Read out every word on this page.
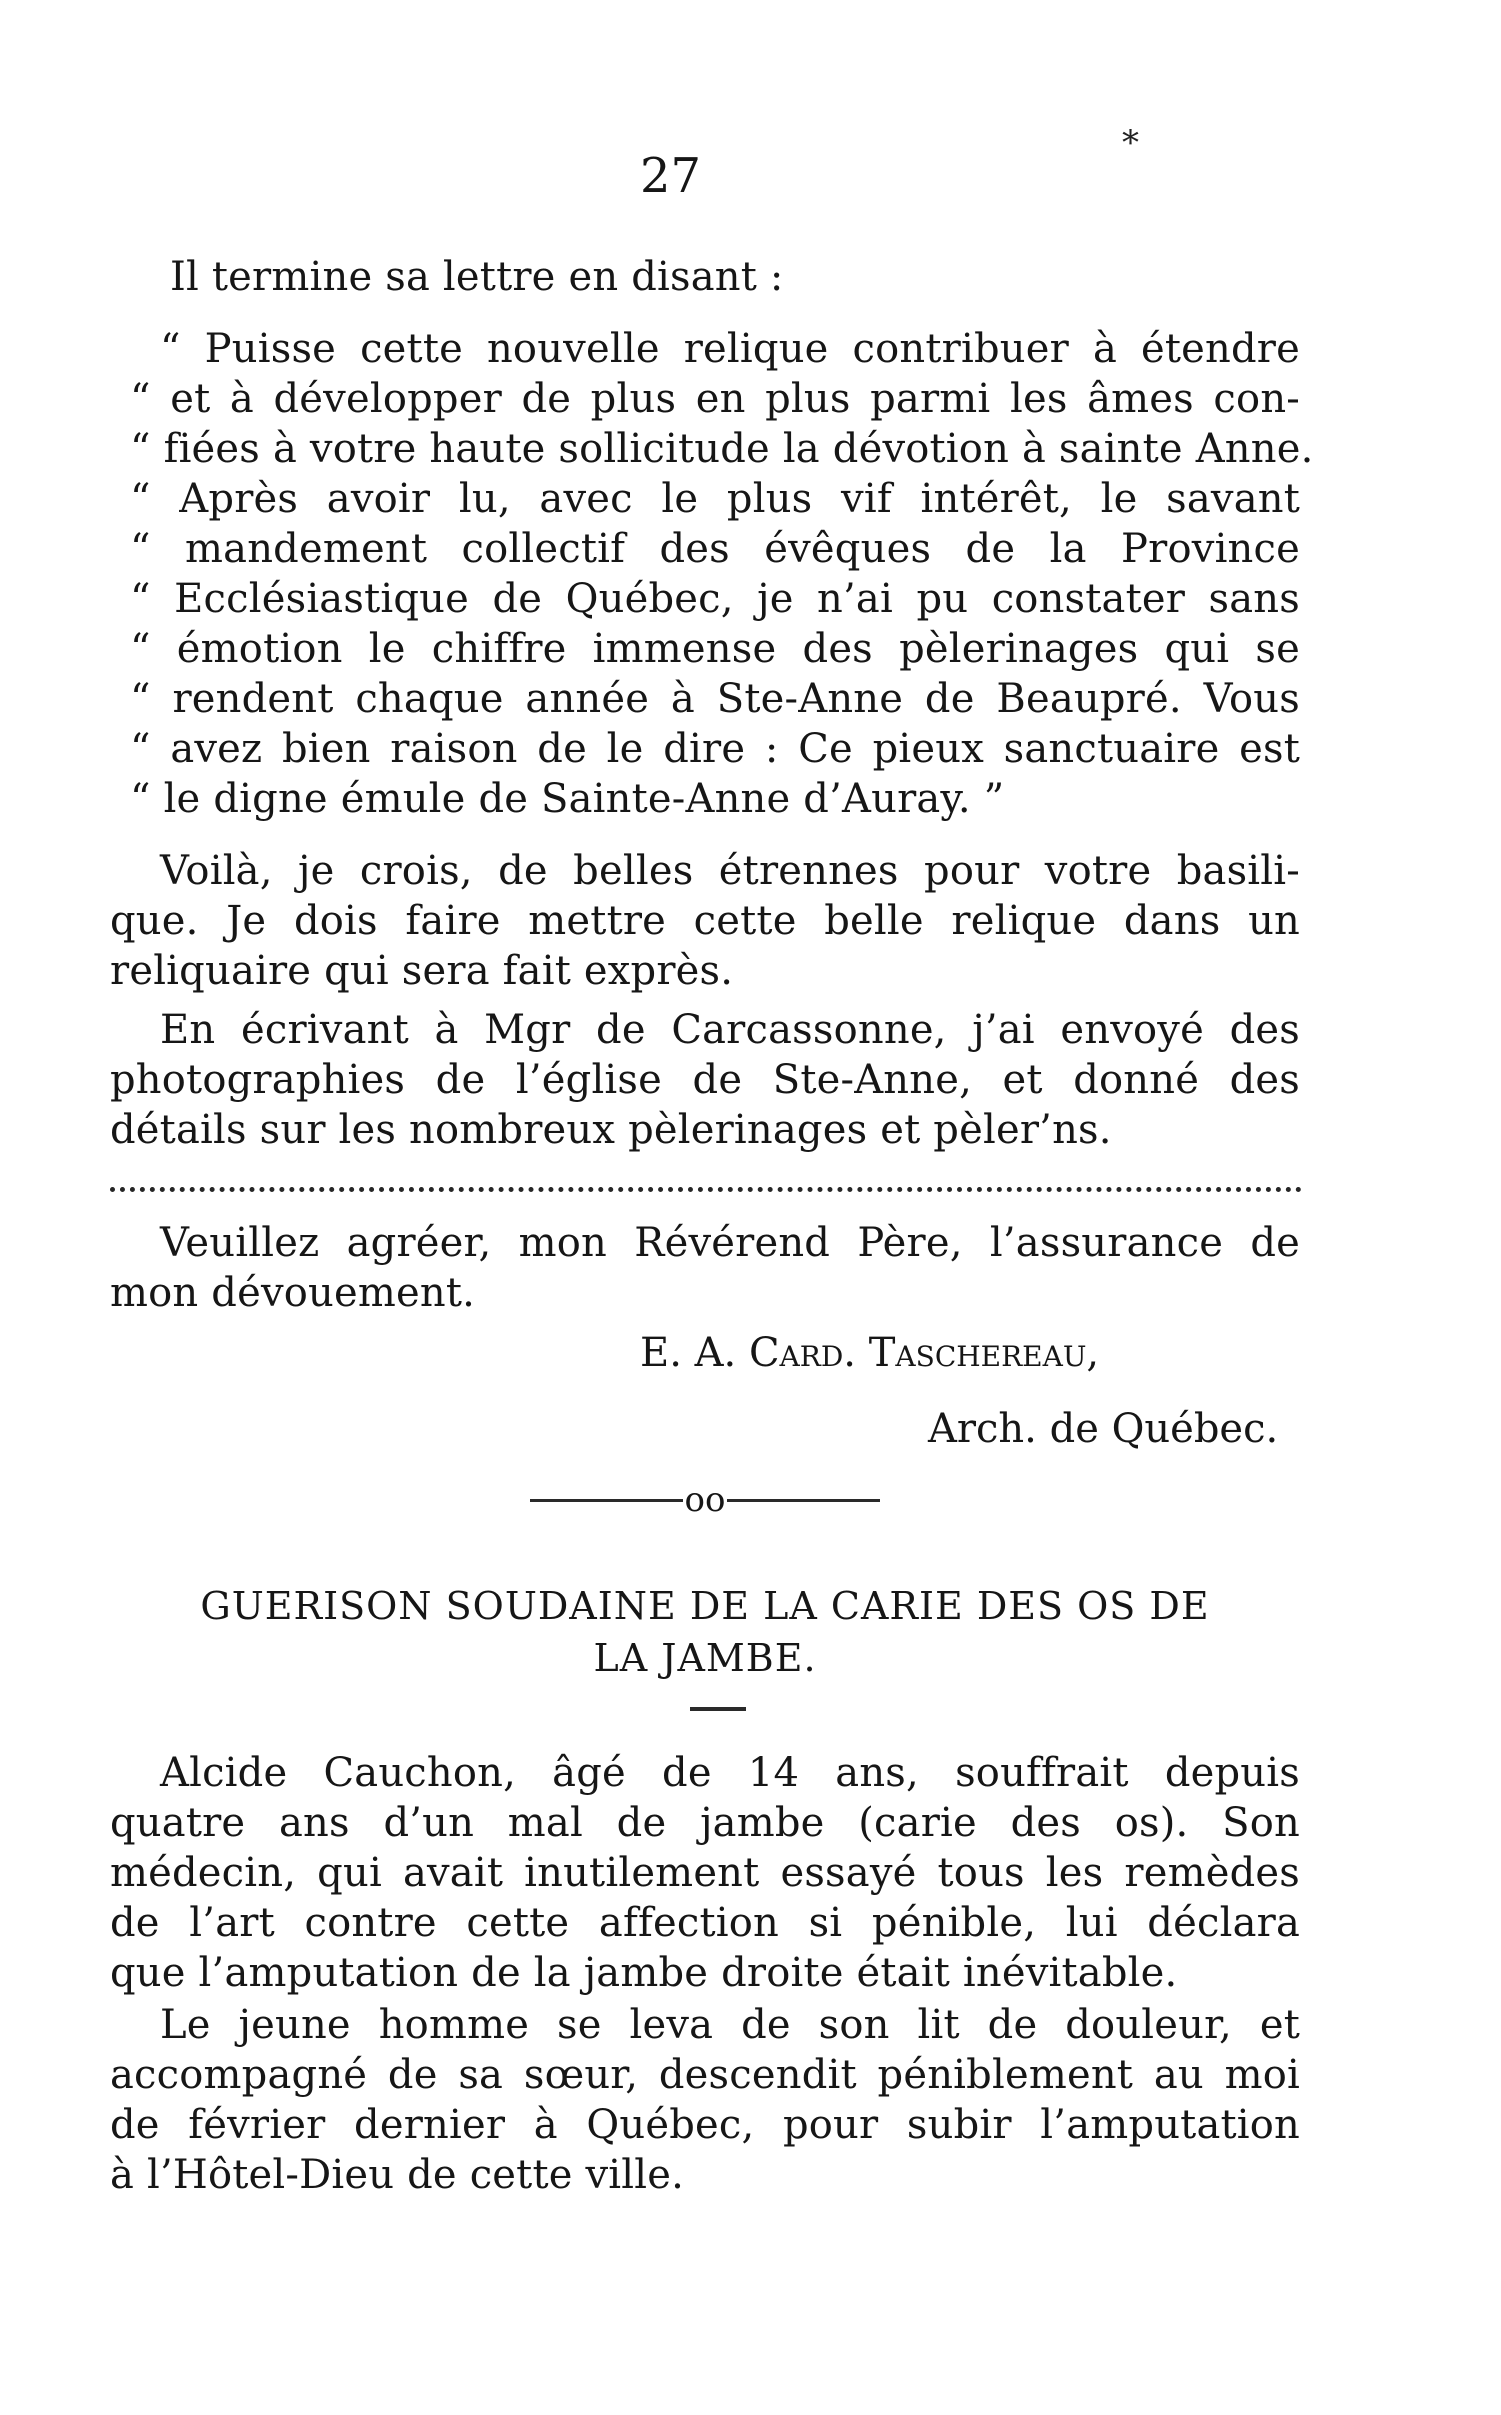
27
*
Il termine sa lettre en disant :
“ Puisse cette nouvelle relique contribuer à étendre
“ et à développer de plus en plus parmi les âmes con-
“ fiées à votre haute sollicitude la dévotion à sainte Anne.
“ Après avoir lu, avec le plus vif intérêt, le savant
“ mandement collectif des évêques de la Province
“ Ecclésiastique de Québec, je n’ai pu constater sans
“ émotion le chiffre immense des pèlerinages qui se
“ rendent chaque année à Ste-Anne de Beaupré. Vous
“ avez bien raison de le dire : Ce pieux sanctuaire est
“ le digne émule de Sainte-Anne d’Auray. ”
Voilà, je crois, de belles étrennes pour votre basili-
que. Je dois faire mettre cette belle relique dans un
reliquaire qui sera fait exprès.
En écrivant à Mgr de Carcassonne, j’ai envoyé des
photographies de l’église de Ste-Anne, et donné des
détails sur les nombreux pèlerinages et pèler’ns.
Veuillez agréer, mon Révérend Père, l’assurance de
mon dévouement.
E. A. Card. Taschereau,
Arch. de Québec.
oo
GUERISON SOUDAINE DE LA CARIE DES OS DE
LA JAMBE.
Alcide Cauchon, âgé de 14 ans, souffrait depuis
quatre ans d’un mal de jambe (carie des os). Son
médecin, qui avait inutilement essayé tous les remèdes
de l’art contre cette affection si pénible, lui déclara
que l’amputation de la jambe droite était inévitable.
Le jeune homme se leva de son lit de douleur, et
accompagné de sa sœur, descendit péniblement au moi
de février dernier à Québec, pour subir l’amputation
à l’Hôtel-Dieu de cette ville.
